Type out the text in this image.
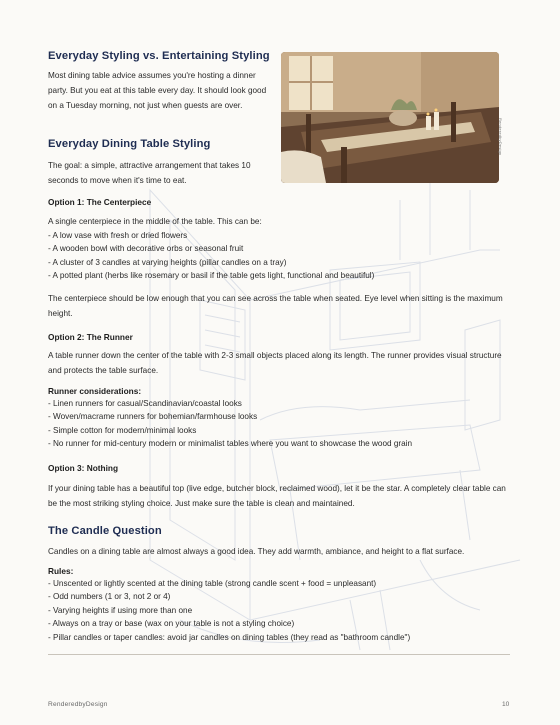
RenderedbyDesign
Everyday Styling vs. Entertaining Styling

Most dining table advice assumes you're hosting a dinner party. But you eat at this table every day. It should look good on a Tuesday morning, not just when guests are over.

Everyday Dining Table Styling

The goal: a simple, attractive arrangement that takes 10 seconds to move when it's time to eat.

Option 1: The Centerpiece

A single centerpiece in the middle of the table. This can be:

- A low vase with fresh or dried flowers
- A wooden bowl with decorative orbs or seasonal fruit
- A cluster of 3 candles at varying heights (pillar candles on a tray)
- A potted plant (herbs like rosemary or basil if the table gets light, functional and beautiful)

The centerpiece should be low enough that you can see across the table when seated. Eye level when sitting is the maximum height.

Option 2: The Runner

A table runner down the center of the table with 2-3 small objects placed along its length. The runner provides visual structure and protects the table surface.

Runner considerations:
- Linen runners for casual/Scandinavian/coastal looks
- Woven/macrame runners for bohemian/farmhouse looks
- Simple cotton for modern/minimal looks
- No runner for mid-century modern or minimalist tables where you want to showcase the wood grain
Option 3: Nothing

If your dining table has a beautiful top (live edge, butcher block, reclaimed wood), let it be the star. A completely clear table can be the most striking styling choice. Just make sure the table is clean and maintained.

The Candle Question

Candles on a dining table are almost always a good idea. They add warmth, ambiance, and height to a flat surface.

Rules:
- Unscented or lightly scented at the dining table (strong candle scent + food = unpleasant)
- Odd numbers (1 or 3, not 2 or 4)
- Varying heights if using more than one
- Always on a tray or base (wax on your table is not a styling choice)
- Pillar candles or taper candles: avoid jar candles on dining tables (they read as "bathroom candle")
RenderedbyDesign	10
